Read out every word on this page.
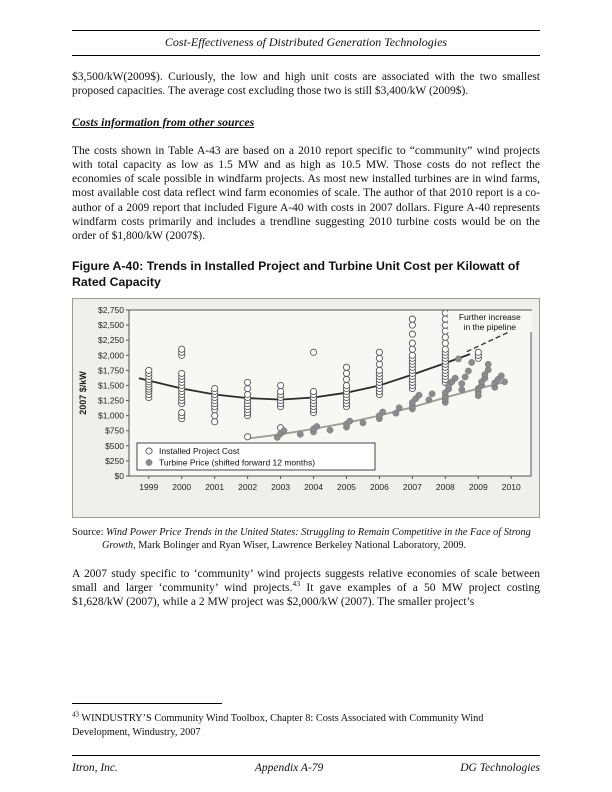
Cost-Effectiveness of Distributed Generation Technologies

$3,500/kW(2009$). Curiously, the low and high unit costs are associated with the two smallest proposed capacities. The average cost excluding those two is still $3,400/kW (2009$).

Costs information from other sources

The costs shown in Table A-43 are based on a 2010 report specific to “community” wind projects with total capacity as low as 1.5 MW and as high as 10.5 MW. Those costs do not reflect the economies of scale possible in windfarm projects. As most new installed turbines are in wind farms, most available cost data reflect wind farm economies of scale. The author of that 2010 report is a co-author of a 2009 report that included Figure A-40 with costs in 2007 dollars. Figure A-40 represents windfarm costs primarily and includes a trendline suggesting 2010 turbine costs would be on the order of $1,800/kW (2007$).

Figure A-40: Trends in Installed Project and Turbine Unit Cost per Kilowatt of Rated Capacity
$0
$250
$500
$750
$1,000
$1,250
$1,500
$1,750
$2,000
$2,250
$2,500
$2,750
1999 2000 2001 2002 2003 2004 2005 2006 2007 2008 2009 2010
2007 $/kW
Further increase
in the pipeline
Installed Project Cost
Turbine Price (shifted forward 12 months)
Source: Wind Power Price Trends in the United States: Struggling to Remain Competitive in the Face of Strong Growth, Mark Bolinger and Ryan Wiser, Lawrence Berkeley National Laboratory, 2009.

A 2007 study specific to ‘community’ wind projects suggests relative economies of scale between small and larger ‘community’ wind projects.$^{43}$ It gave examples of a 50 MW project costing $1,628/kW (2007), while a 2 MW project was $2,000/kW (2007). The smaller project’s

$^{43}$ WINDUSTRY’S Community Wind Toolbox, Chapter 8: Costs Associated with Community Wind Development, Windustry, 2007
Itron, Inc.	Appendix A-79	DG Technologies
